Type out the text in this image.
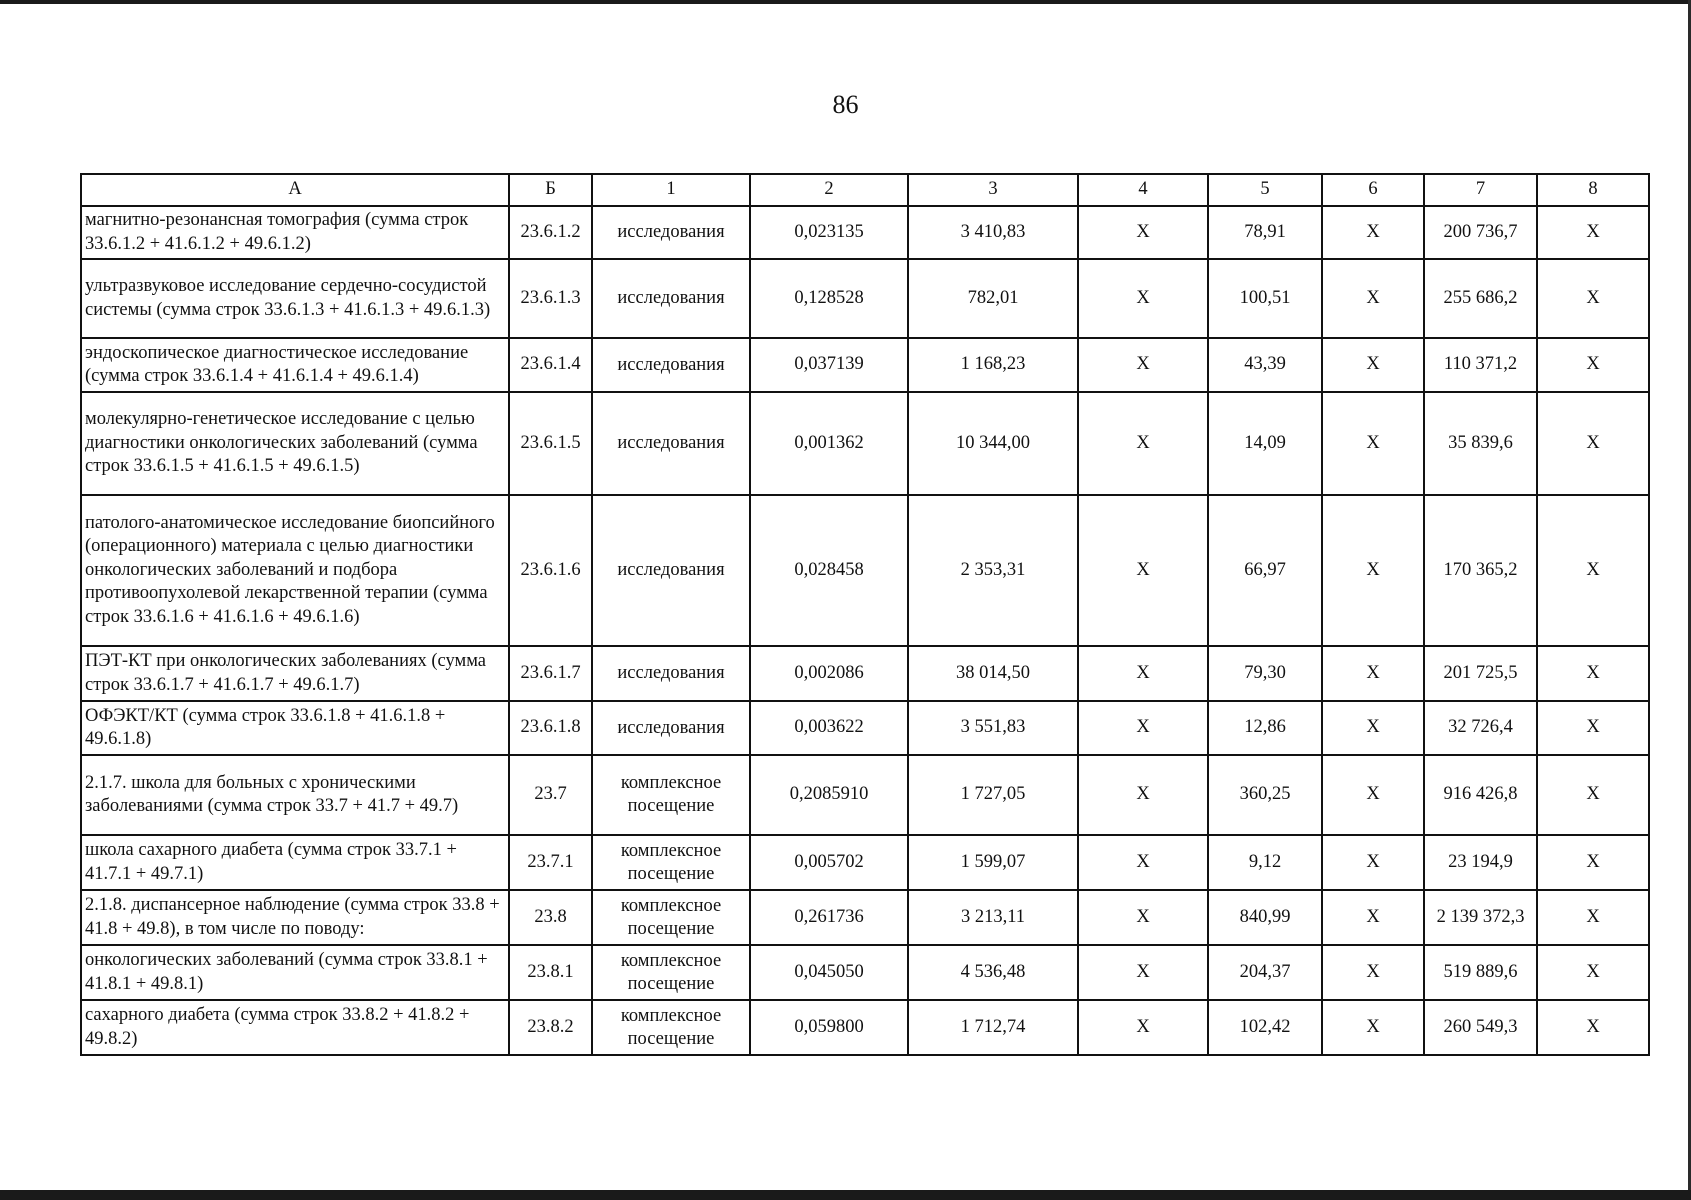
86
А	Б	1	2	3	4	5	6	7	8
магнитно-резонансная томография (сумма строк 33.6.1.2 + 41.6.1.2 + 49.6.1.2)	23.6.1.2	исследования	0,023135	3 410,83	X	78,91	X	200 736,7	X
ультразвуковое исследование сердечно-сосудистой системы (сумма строк 33.6.1.3 + 41.6.1.3 + 49.6.1.3)	23.6.1.3	исследования	0,128528	782,01	X	100,51	X	255 686,2	X
эндоскопическое диагностическое исследование (сумма строк 33.6.1.4 + 41.6.1.4 + 49.6.1.4)	23.6.1.4	исследования	0,037139	1 168,23	X	43,39	X	110 371,2	X
молекулярно-генетическое исследование с целью диагностики онкологических заболеваний (сумма строк 33.6.1.5 + 41.6.1.5 + 49.6.1.5)	23.6.1.5	исследования	0,001362	10 344,00	X	14,09	X	35 839,6	X
патолого-анатомическое исследование биопсийного (операционного) материала с целью диагностики онкологических заболеваний и подбора противоопухолевой лекарственной терапии (сумма строк 33.6.1.6 + 41.6.1.6 + 49.6.1.6)	23.6.1.6	исследования	0,028458	2 353,31	X	66,97	X	170 365,2	X
ПЭТ-КТ при онкологических заболеваниях (сумма строк 33.6.1.7 + 41.6.1.7 + 49.6.1.7)	23.6.1.7	исследования	0,002086	38 014,50	X	79,30	X	201 725,5	X
ОФЭКТ/КТ (сумма строк 33.6.1.8 + 41.6.1.8 + 49.6.1.8)	23.6.1.8	исследования	0,003622	3 551,83	X	12,86	X	32 726,4	X
2.1.7. школа для больных с хроническими заболеваниями (сумма строк 33.7 + 41.7 + 49.7)	23.7	комплексное посещение	0,2085910	1 727,05	X	360,25	X	916 426,8	X
школа сахарного диабета (сумма строк 33.7.1 + 41.7.1 + 49.7.1)	23.7.1	комплексное посещение	0,005702	1 599,07	X	9,12	X	23 194,9	X
2.1.8. диспансерное наблюдение (сумма строк 33.8 + 41.8 + 49.8), в том числе по поводу:	23.8	комплексное посещение	0,261736	3 213,11	X	840,99	X	2 139 372,3	X
онкологических заболеваний (сумма строк 33.8.1 + 41.8.1 + 49.8.1)	23.8.1	комплексное посещение	0,045050	4 536,48	X	204,37	X	519 889,6	X
сахарного диабета (сумма строк 33.8.2 + 41.8.2 + 49.8.2)	23.8.2	комплексное посещение	0,059800	1 712,74	X	102,42	X	260 549,3	X
